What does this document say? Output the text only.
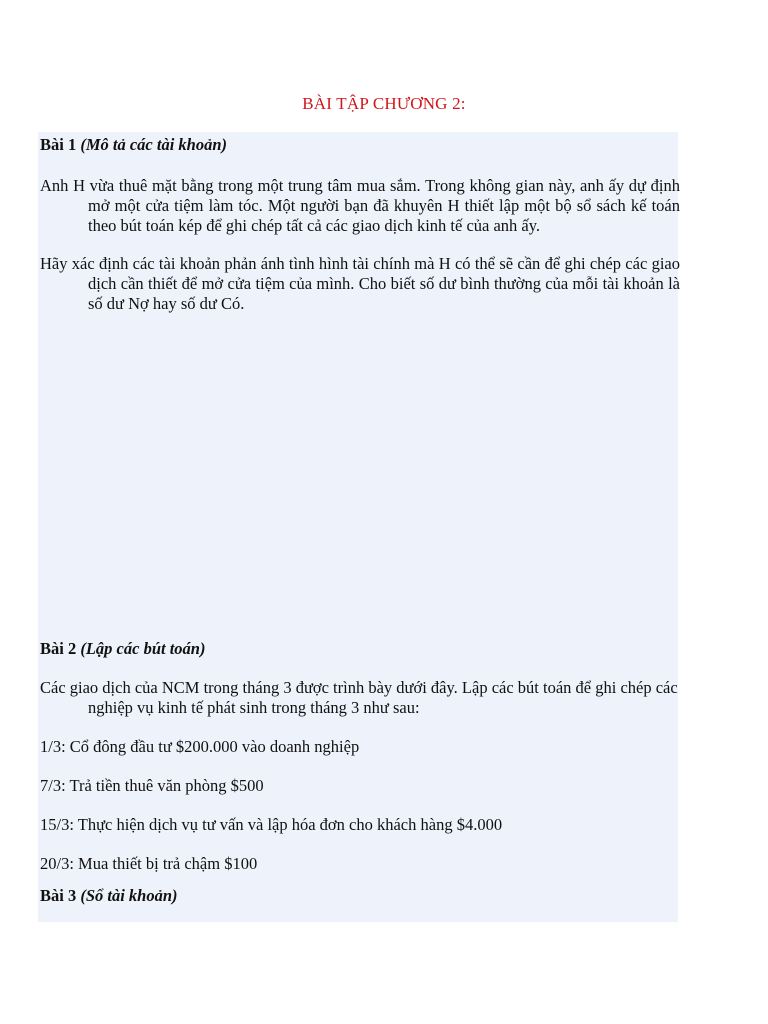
BÀI TẬP CHƯƠNG 2:

Bài 1 (Mô tả các tài khoản)

Anh H vừa thuê mặt bằng trong một trung tâm mua sắm. Trong không gian này, anh ấy dự định mở một cửa tiệm làm tóc. Một người bạn đã khuyên H thiết lập một bộ sổ sách kế toán theo bút toán kép để ghi chép tất cả các giao dịch kinh tế của anh ấy.

Hãy xác định các tài khoản phản ánh tình hình tài chính mà H có thể sẽ cần để ghi chép các giao dịch cần thiết để mở cửa tiệm của mình. Cho biết số dư bình thường của mỗi tài khoản là số dư Nợ hay số dư Có.

Bài 2 (Lập các bút toán)

Các giao dịch của NCM trong tháng 3 được trình bày dưới đây. Lập các bút toán để ghi chép các nghiệp vụ kinh tế phát sinh trong tháng 3 như sau:

1/3: Cổ đông đầu tư $200.000 vào doanh nghiệp

7/3: Trả tiền thuê văn phòng $500

15/3: Thực hiện dịch vụ tư vấn và lập hóa đơn cho khách hàng $4.000

20/3: Mua thiết bị trả chậm $100

Bài 3 (Sổ tài khoản)
